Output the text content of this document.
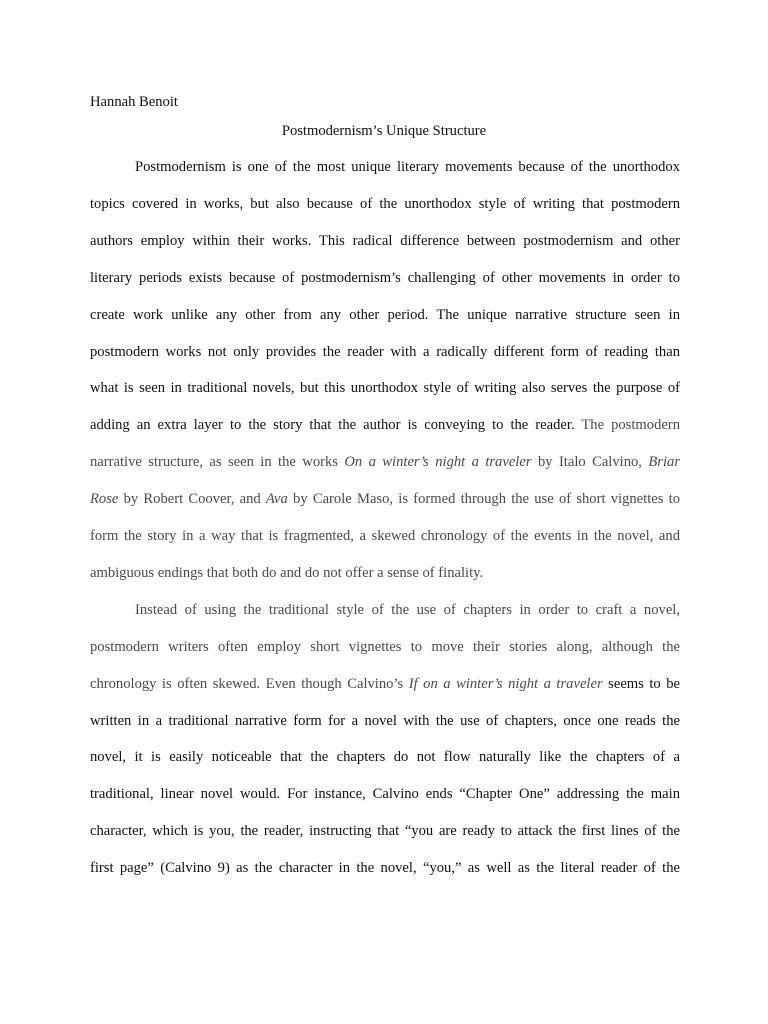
Hannah Benoit
Postmodernism’s Unique Structure
Postmodernism is one of the most unique literary movements because of the unorthodox
topics covered in works, but also because of the unorthodox style of writing that postmodern
authors employ within their works. This radical difference between postmodernism and other
literary periods exists because of postmodernism’s challenging of other movements in order to
create work unlike any other from any other period. The unique narrative structure seen in
postmodern works not only provides the reader with a radically different form of reading than
what is seen in traditional novels, but this unorthodox style of writing also serves the purpose of
adding an extra layer to the story that the author is conveying to the reader. The postmodern
narrative structure, as seen in the works On a winter’s night a traveler by Italo Calvino, Briar
Rose by Robert Coover, and Ava by Carole Maso, is formed through the use of short vignettes to
form the story in a way that is fragmented, a skewed chronology of the events in the novel, and
ambiguous endings that both do and do not offer a sense of finality.
Instead of using the traditional style of the use of chapters in order to craft a novel,
postmodern writers often employ short vignettes to move their stories along, although the
chronology is often skewed. Even though Calvino’s If on a winter’s night a traveler seems to be
written in a traditional narrative form for a novel with the use of chapters, once one reads the
novel, it is easily noticeable that the chapters do not flow naturally like the chapters of a
traditional, linear novel would. For instance, Calvino ends “Chapter One” addressing the main
character, which is you, the reader, instructing that “you are ready to attack the first lines of the
first page” (Calvino 9) as the character in the novel, “you,” as well as the literal reader of the
